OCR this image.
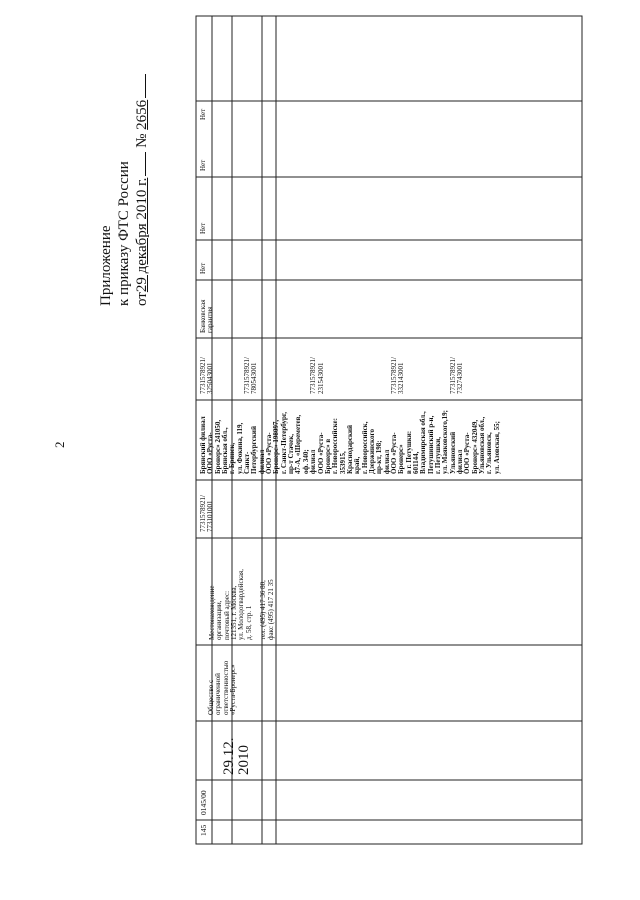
2
Приложение к приказу ФТС России от29 декабря 2010 г. № 2656
145
0145/00
29.12.
2010
Общество с
ограниченной
ответственностью
«Руста-Бронерс»
Местонахождение
организации,
почтовый адрес:
121351, г. Москва,
ул. Молодогвардейская,
д. 58, стр. 1

тел. (495) 417 36 80,
факс (495) 417 21 35
7731578921/
773101001
Брянский филиал
ООО «Руста-
Бронерс» 241050,
Брянская обл.,
г. Брянск,
ул. Фокина, 119,
Санкт-
Петербургский
филиал
ООО «Руста-
Бронерс» 198097,
г. Санкт-Петербург,
пр-т Стачек,
47-А, «Шереметев,
оф. 340;
филиал
ООО «Руста-
Бронерс» в
г. Новороссийске:
353915,
Краснодарский
край,
г. Новороссийск,
Дзержинского
пр-кт, 198;
филиал
ООО «Руста-
Бронерс»
в г. Петушки:
601144,
Владимирская обл.,
Петушинский р-н,
г. Петушки,
ул. Маяковского,19;
Ульяновский
филиал
ООО «Руста-
Бронерс» 432049,
Ульяновская обл.,
г. Ульяновск,
ул. Азовская, 55;
7731578921/
325043001

7731578921/
780543001

7731578921/
231543001

7731578921/
332143001

7731578921/
732743001
Банковская
гарантия
Нет
Нет
Нет
Нет
